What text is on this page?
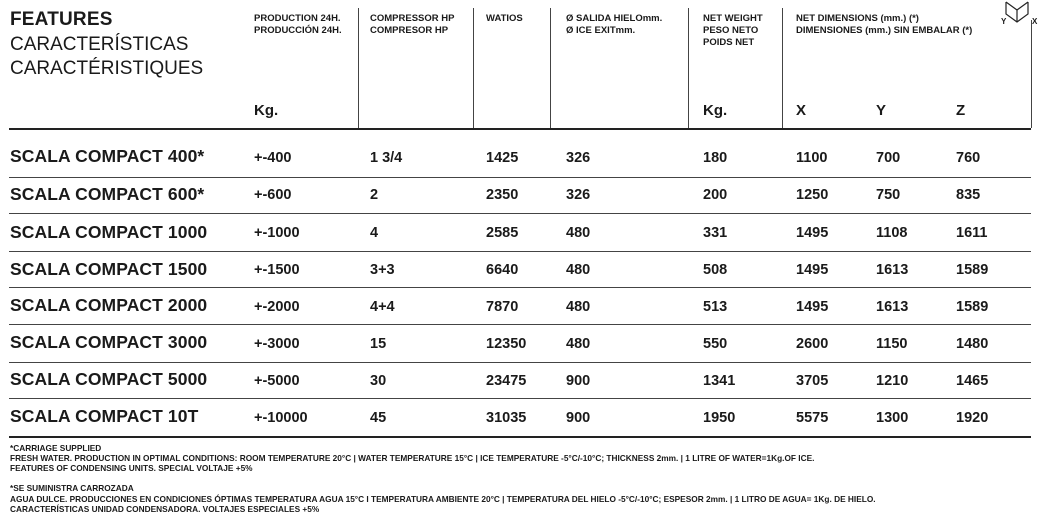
FEATURES
CARACTERÍSTICAS
CARACTÉRISTIQUES
PRODUCTION 24H.
PRODUCCIÓN 24H.
Kg.
COMPRESSOR HP
COMPRESOR HP
WATIOS	Ø SALIDA HIELOmm.
Ø ICE EXITmm.
NET WEIGHT
PESO NETO
POIDS NET
Kg.
NET DIMENSIONS (mm.) (*)
DIMENSIONES (mm.) SIN EMBALAR (*)
X	Y	Z
Y	X
SCALA COMPACT 400*	+-400	1 3/4	1425	326	180	1100	700	760
SCALA COMPACT 600*	+-600	2	2350	326	200	1250	750	835
SCALA COMPACT 1000	+-1000	4	2585	480	331	1495	1108	1611
SCALA COMPACT 1500	+-1500	3+3	6640	480	508	1495	1613	1589
SCALA COMPACT 2000	+-2000	4+4	7870	480	513	1495	1613	1589
SCALA COMPACT 3000	+-3000	15	12350	480	550	2600	1150	1480
SCALA COMPACT 5000	+-5000	30	23475	900	1341	3705	1210	1465
SCALA COMPACT 10T	+-10000	45	31035	900	1950	5575	1300	1920
*CARRIAGE SUPPLIED
FRESH WATER. PRODUCTION IN OPTIMAL CONDITIONS: ROOM TEMPERATURE 20°C | WATER TEMPERATURE 15°C | ICE TEMPERATURE -5°C/-10°C; THICKNESS 2mm. | 1 LITRE OF WATER=1Kg.OF ICE.
FEATURES OF CONDENSING UNITS. SPECIAL VOLTAJE +5%
*SE SUMINISTRA CARROZADA
AGUA DULCE. PRODUCCIONES EN CONDICIONES ÓPTIMAS TEMPERATURA AGUA 15°C I TEMPERATURA AMBIENTE 20°C | TEMPERATURA DEL HIELO -5°C/-10°C; ESPESOR 2mm. | 1 LITRO DE AGUA= 1Kg. DE HIELO.
CARACTERÍSTICAS UNIDAD CONDENSADORA. VOLTAJES ESPECIALES +5%
